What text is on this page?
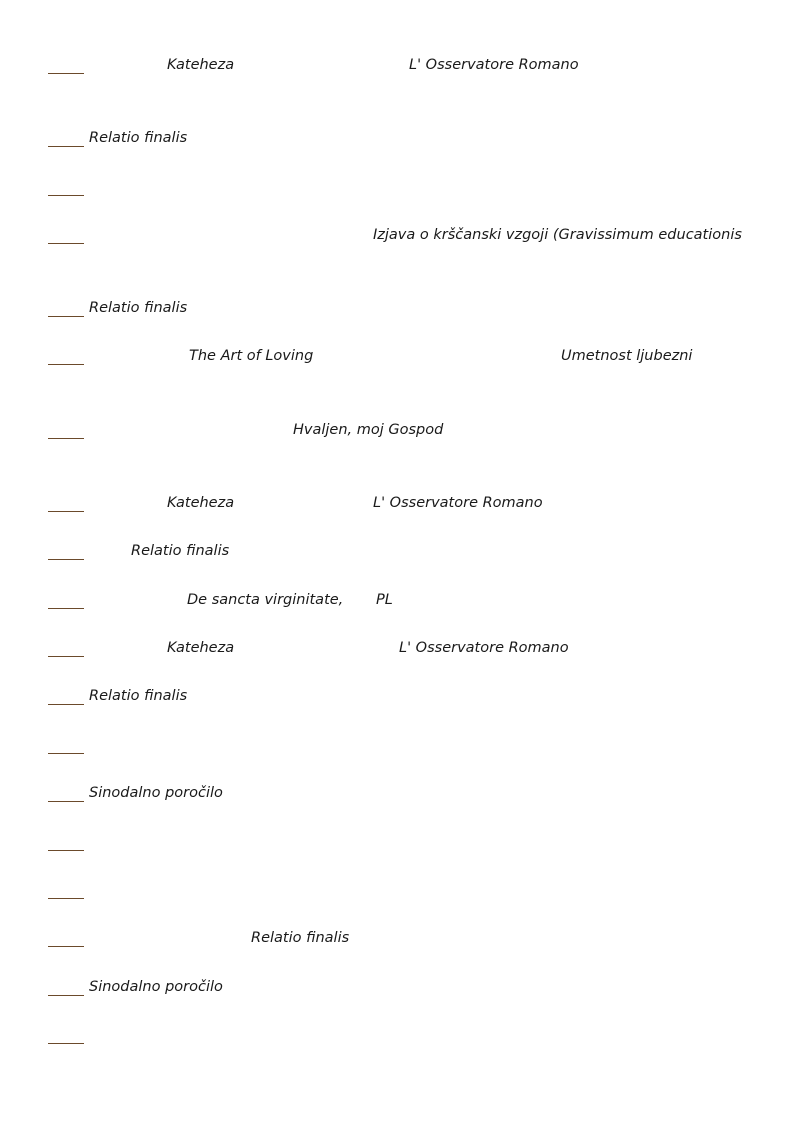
Kateheza	L' Osservatore Romano
Relatio finalis
Izjava o krščanski vzgoji (Gravissimum educationis
Relatio finalis
The Art of Loving	Umetnost ljubezni
Hvaljen, moj Gospod
Kateheza	L' Osservatore Romano
Relatio finalis
De sancta virginitate, PL
Kateheza	L' Osservatore Romano
Relatio finalis
Sinodalno poročilo
Relatio finalis
Sinodalno poročilo
